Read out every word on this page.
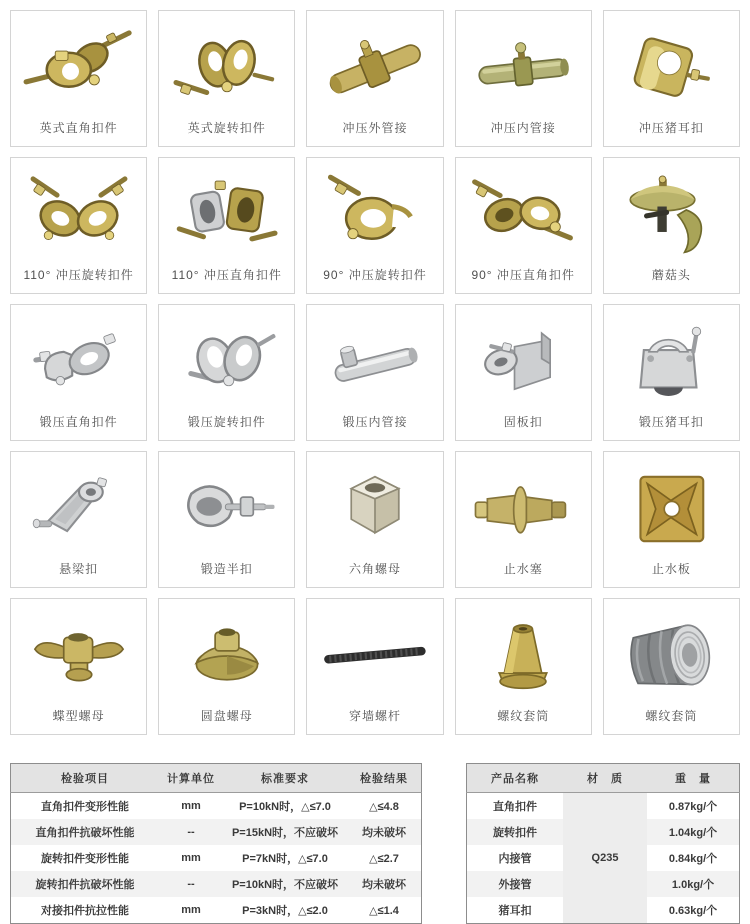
英式直角扣件	英式旋转扣件	冲压外管接	冲压内管接	冲压猪耳扣
110° 冲压旋转扣件	110° 冲压直角扣件	90° 冲压旋转扣件	90° 冲压直角扣件	蘑菇头
锻压直角扣件	锻压旋转扣件	锻压内管接	固板扣	锻压猪耳扣
悬梁扣	锻造半扣	六角螺母	止水塞	止水板
蝶型螺母	圆盘螺母	穿墙螺杆	螺纹套筒	螺纹套筒
检验项目	计算单位	标准要求	检验结果
直角扣件变形性能	mm	P=10kN时，△≤7.0	△≤4.8
直角扣件抗破坏性能	--	P=15kN时，不应破坏	均未破坏
旋转扣件变形性能	mm	P=7kN时，△≤7.0	△≤2.7
旋转扣件抗破坏性能	--	P=10kN时，不应破坏	均未破坏
对接扣件抗拉性能	mm	P=3kN时，△≤2.0	△≤1.4
产品名称	材　质	重　量
直角扣件	Q235	0.87kg/个
旋转扣件		1.04kg/个
内接管		0.84kg/个
外接管		1.0kg/个
猪耳扣		0.63kg/个
